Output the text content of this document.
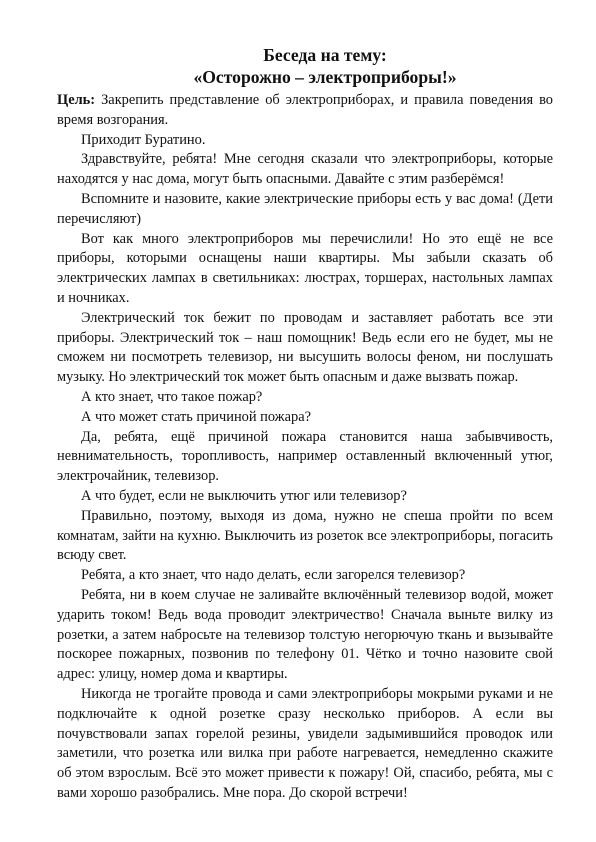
Беседа на тему:
«Осторожно – электроприборы!»

Цель: Закрепить представление об электроприборах, и правила поведения во время возгорания.

Приходит Буратино.

Здравствуйте, ребята! Мне сегодня сказали что электроприборы, которые находятся у нас дома, могут быть опасными. Давайте с этим разберёмся!

Вспомните и назовите, какие электрические приборы есть у вас дома! (Дети перечисляют)

Вот как много электроприборов мы перечислили! Но это ещё не все приборы, которыми оснащены наши квартиры. Мы забыли сказать об электрических лампах в светильниках: люстрах, торшерах, настольных лампах и ночниках.

Электрический ток бежит по проводам и заставляет работать все эти приборы. Электрический ток – наш помощник! Ведь если его не будет, мы не сможем ни посмотреть телевизор, ни высушить волосы феном, ни послушать музыку. Но электрический ток может быть опасным и даже вызвать пожар.

А кто знает, что такое пожар?

А что может стать причиной пожара?

Да, ребята, ещё причиной пожара становится наша забывчивость, невнимательность, торопливость, например оставленный включенный утюг, электрочайник, телевизор.

А что будет, если не выключить утюг или телевизор?

Правильно, поэтому, выходя из дома, нужно не спеша пройти по всем комнатам, зайти на кухню. Выключить из розеток все электроприборы, погасить всюду свет.

Ребята, а кто знает, что надо делать, если загорелся телевизор?

Ребята, ни в коем случае не заливайте включённый телевизор водой, может ударить током! Ведь вода проводит электричество! Сначала выньте вилку из розетки, а затем набросьте на телевизор толстую негорючую ткань и вызывайте поскорее пожарных, позвонив по телефону 01. Чётко и точно назовите свой адрес: улицу, номер дома и квартиры.

Никогда не трогайте провода и сами электроприборы мокрыми руками и не подключайте к одной розетке сразу несколько приборов. А если вы почувствовали запах горелой резины, увидели задымившийся проводок или заметили, что розетка или вилка при работе нагревается, немедленно скажите об этом взрослым. Всё это может привести к пожару! Ой, спасибо, ребята, мы с вами хорошо разобрались. Мне пора. До скорой встречи!
